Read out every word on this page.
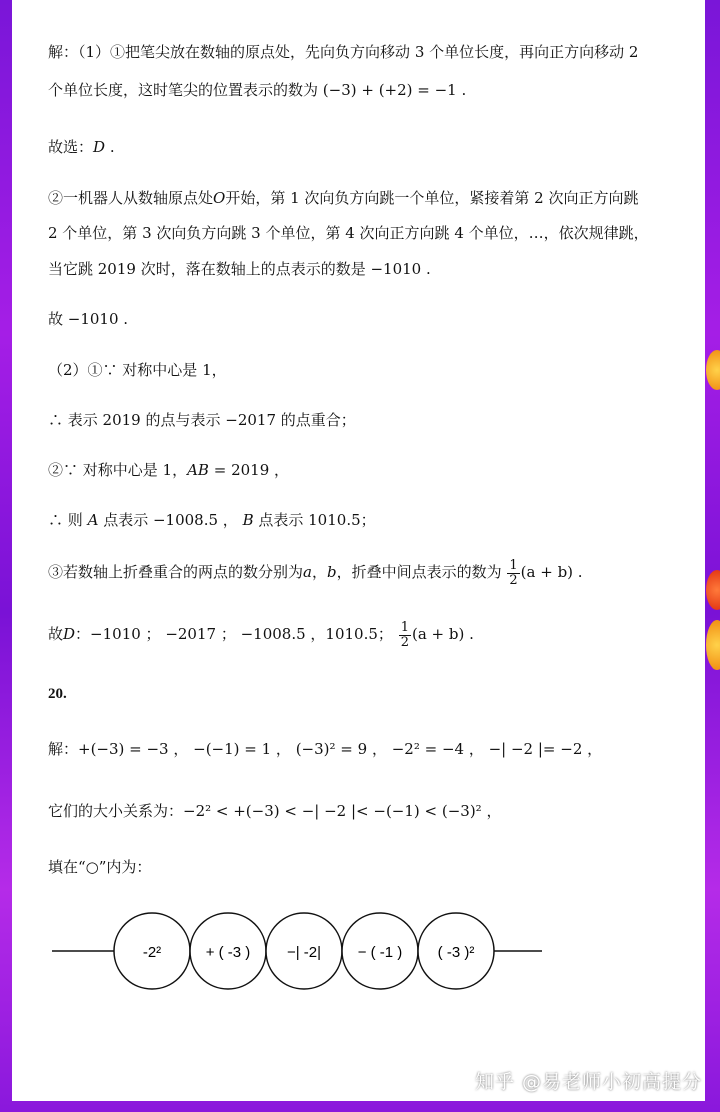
解：（1）①把笔尖放在数轴的原点处，先向负方向移动 3 个单位长度，再向正方向移动 2
个单位长度，这时笔尖的位置表示的数为 (−3) + (+2) = −1 .
故选：D .
②一机器人从数轴原点处O开始，第 1 次向负方向跳一个单位，紧接着第 2 次向正方向跳
2 个单位，第 3 次向负方向跳 3 个单位，第 4 次向正方向跳 4 个单位，…，依次规律跳，
当它跳 2019 次时，落在数轴上的点表示的数是 −1010 .
故 −1010 .
（2）①∵ 对称中心是 1，
∴ 表示 2019 的点与表示 −2017 的点重合；
②∵ 对称中心是 1，AB = 2019 ，
∴ 则 A 点表示 −1008.5 ， B 点表示 1010.5；
③若数轴上折叠重合的两点的数分别为a，b，折叠中间点表示的数为 $\frac{1}{2} (a + b)$ .
故D：−1010 ； −2017 ； −1008.5 ，1010.5； $\frac{1}{2} (a + b)$ .
20.
解：+(−3) = −3 ， −(−1) = 1 ， (−3)² = 9 ， −2² = −4 ， −| −2 |= −2 ，
它们的大小关系为：−2² < +(−3) < −| −2 |< −(−1) < (−3)² ，
填在“○”内为：
-2²	+ ( -3 ) −| -2| − ( -1 ) ( -3 )²
知乎 @易老师小初高提分
